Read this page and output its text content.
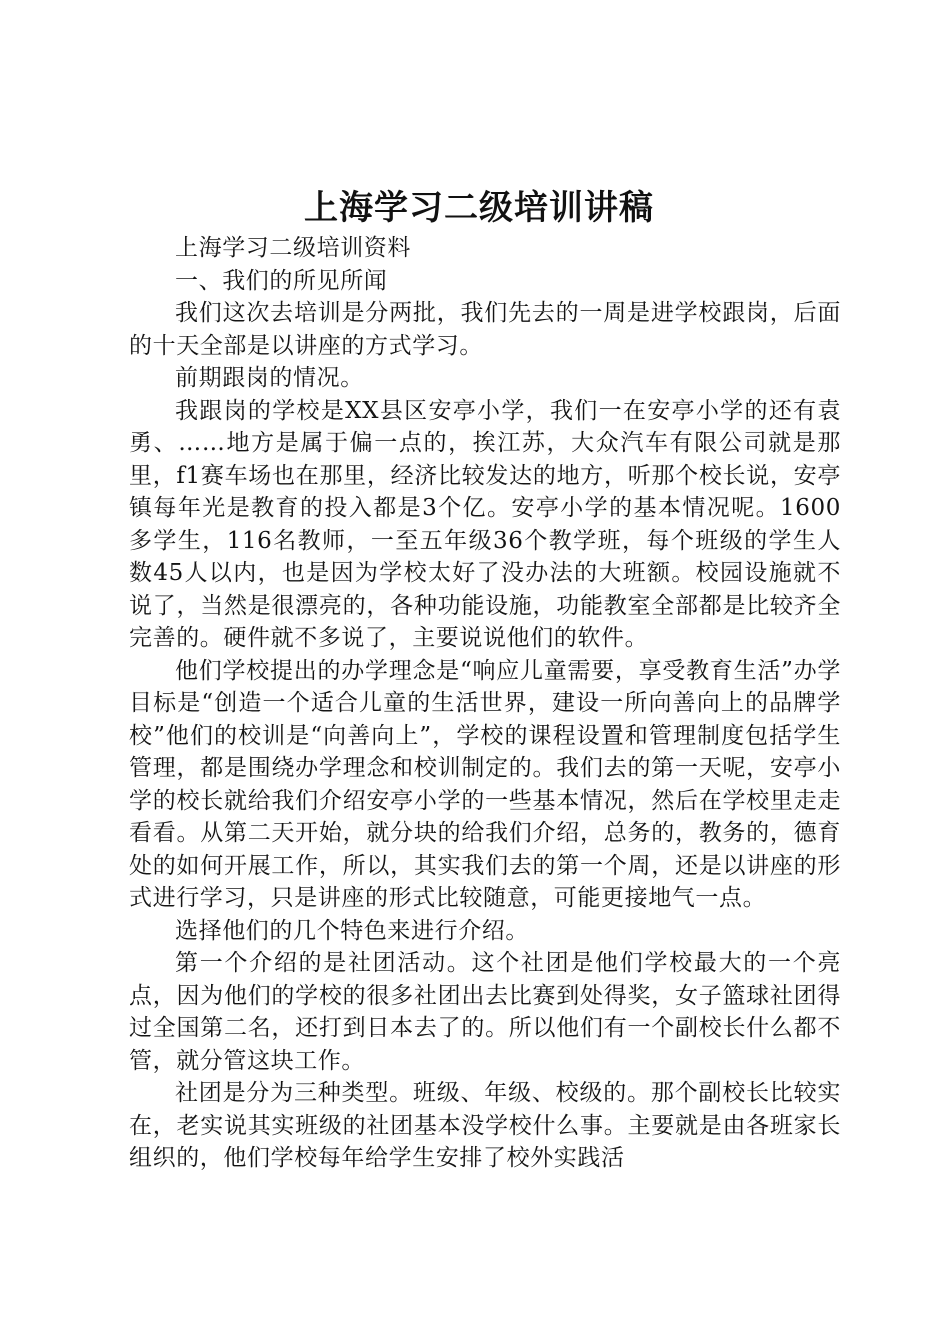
上海学习二级培训讲稿

上海学习二级培训资料

一、我们的所见所闻

我们这次去培训是分两批，我们先去的一周是进学校跟岗，后面的十天全部是以讲座的方式学习。

前期跟岗的情况。

我跟岗的学校是XX县区安亭小学，我们一在安亭小学的还有袁勇、……地方是属于偏一点的，挨江苏，大众汽车有限公司就是那里，f1赛车场也在那里，经济比较发达的地方，听那个校长说，安亭镇每年光是教育的投入都是3个亿。安亭小学的基本情况呢。1600多学生，116名教师，一至五年级36个教学班，每个班级的学生人数45人以内，也是因为学校太好了没办法的大班额。校园设施就不说了，当然是很漂亮的，各种功能设施，功能教室全部都是比较齐全完善的。硬件就不多说了，主要说说他们的软件。

他们学校提出的办学理念是“响应儿童需要，享受教育生活”办学目标是“创造一个适合儿童的生活世界，建设一所向善向上的品牌学校”他们的校训是“向善向上”，学校的课程设置和管理制度包括学生管理，都是围绕办学理念和校训制定的。我们去的第一天呢，安亭小学的校长就给我们介绍安亭小学的一些基本情况，然后在学校里走走看看。从第二天开始，就分块的给我们介绍，总务的，教务的，德育处的如何开展工作，所以，其实我们去的第一个周，还是以讲座的形式进行学习，只是讲座的形式比较随意，可能更接地气一点。

选择他们的几个特色来进行介绍。

第一个介绍的是社团活动。这个社团是他们学校最大的一个亮点，因为他们的学校的很多社团出去比赛到处得奖，女子篮球社团得过全国第二名，还打到日本去了的。所以他们有一个副校长什么都不管，就分管这块工作。

社团是分为三种类型。班级、年级、校级的。那个副校长比较实在，老实说其实班级的社团基本没学校什么事。主要就是由各班家长组织的，他们学校每年给学生安排了校外实践活
